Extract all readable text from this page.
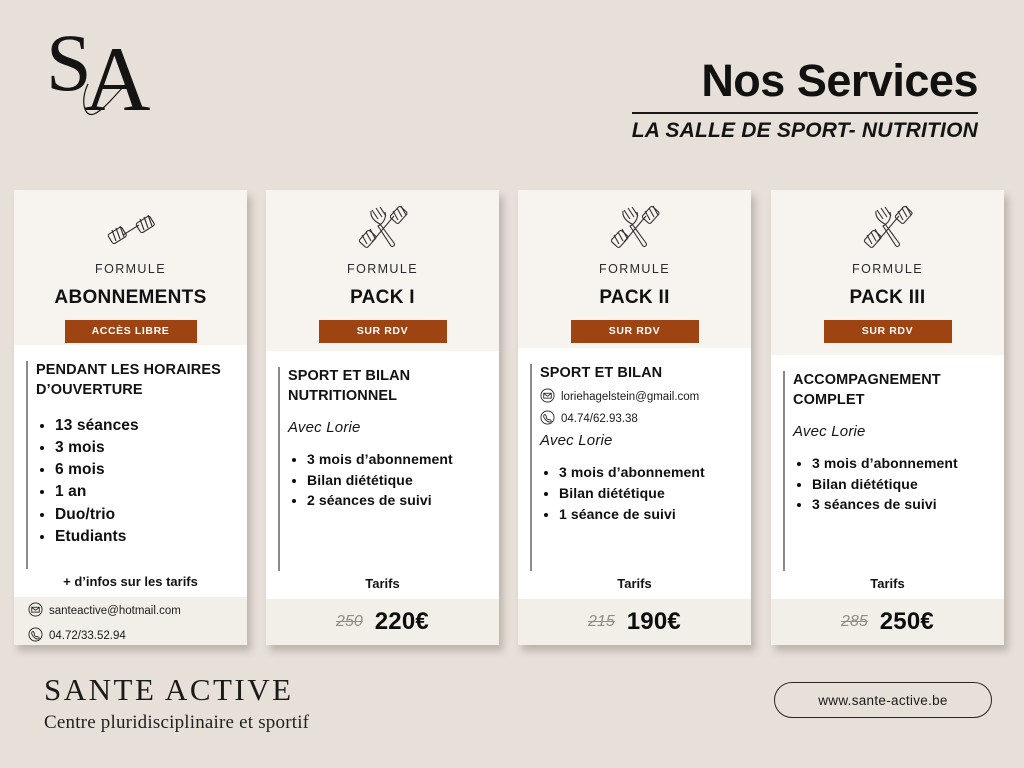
S
A	Nos Services
LA SALLE DE SPORT- NUTRITION
FORMULE
ABONNEMENTS
ACCÈS LIBRE
PENDANT LES HORAIRES D’OUVERTURE
• 13 séances
• 3 mois
• 6 mois
• 1 an
• Duo/trio
• Etudiants
+ d’infos sur les tarifs
santeactive@hotmail.com
04.72/33.52.94
FORMULE
PACK I
SUR RDV
SPORT ET BILAN NUTRITIONNEL
Avec Lorie
• 3 mois d’abonnement
• Bilan diététique
• 2 séances de suivi
Tarifs
250 220€
FORMULE
PACK II
SUR RDV
SPORT ET BILAN
loriehagelstein@gmail.com
04.74/62.93.38
Avec Lorie
• 3 mois d’abonnement
• Bilan diététique
• 1 séance de suivi
Tarifs
215 190€
FORMULE
PACK III
SUR RDV
ACCOMPAGNEMENT COMPLET
Avec Lorie
• 3 mois d’abonnement
• Bilan diététique
• 3 séances de suivi
Tarifs
285 250€
SANTE ACTIVE
Centre pluridisciplinaire et sportif
www.sante-active.be
